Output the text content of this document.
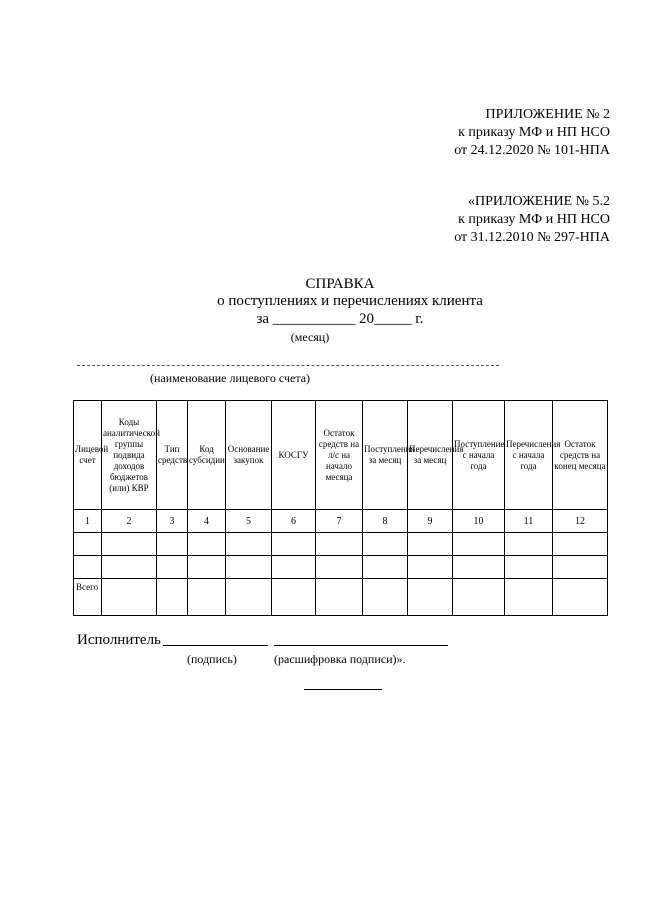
ПРИЛОЖЕНИЕ № 2
к приказу МФ и НП НСО
от 24.12.2020 № 101-НПА
«ПРИЛОЖЕНИЕ № 5.2
к приказу МФ и НП НСО
от 31.12.2010 № 297-НПА
СПРАВКА
о поступлениях и перечислениях клиента
за ___________ 20_____ г.
(месяц)
(наименование лицевого счета)
Лицевой счет	Коды аналитической группы подвида доходов бюджетов (или) КВР	Тип средств	Код субсидии	Основание закупок	КОСГУ	Остаток средств на л/с на начало месяца	Поступления за месяц	Перечисления за месяц	Поступление с начала года	Перечисления с начала года	Остаток средств на конец месяца
1	2	3	4	5	6	7	8	9	10	11	12

Всего											
Исполнитель
(подпись)	(расшифровка подписи)».
